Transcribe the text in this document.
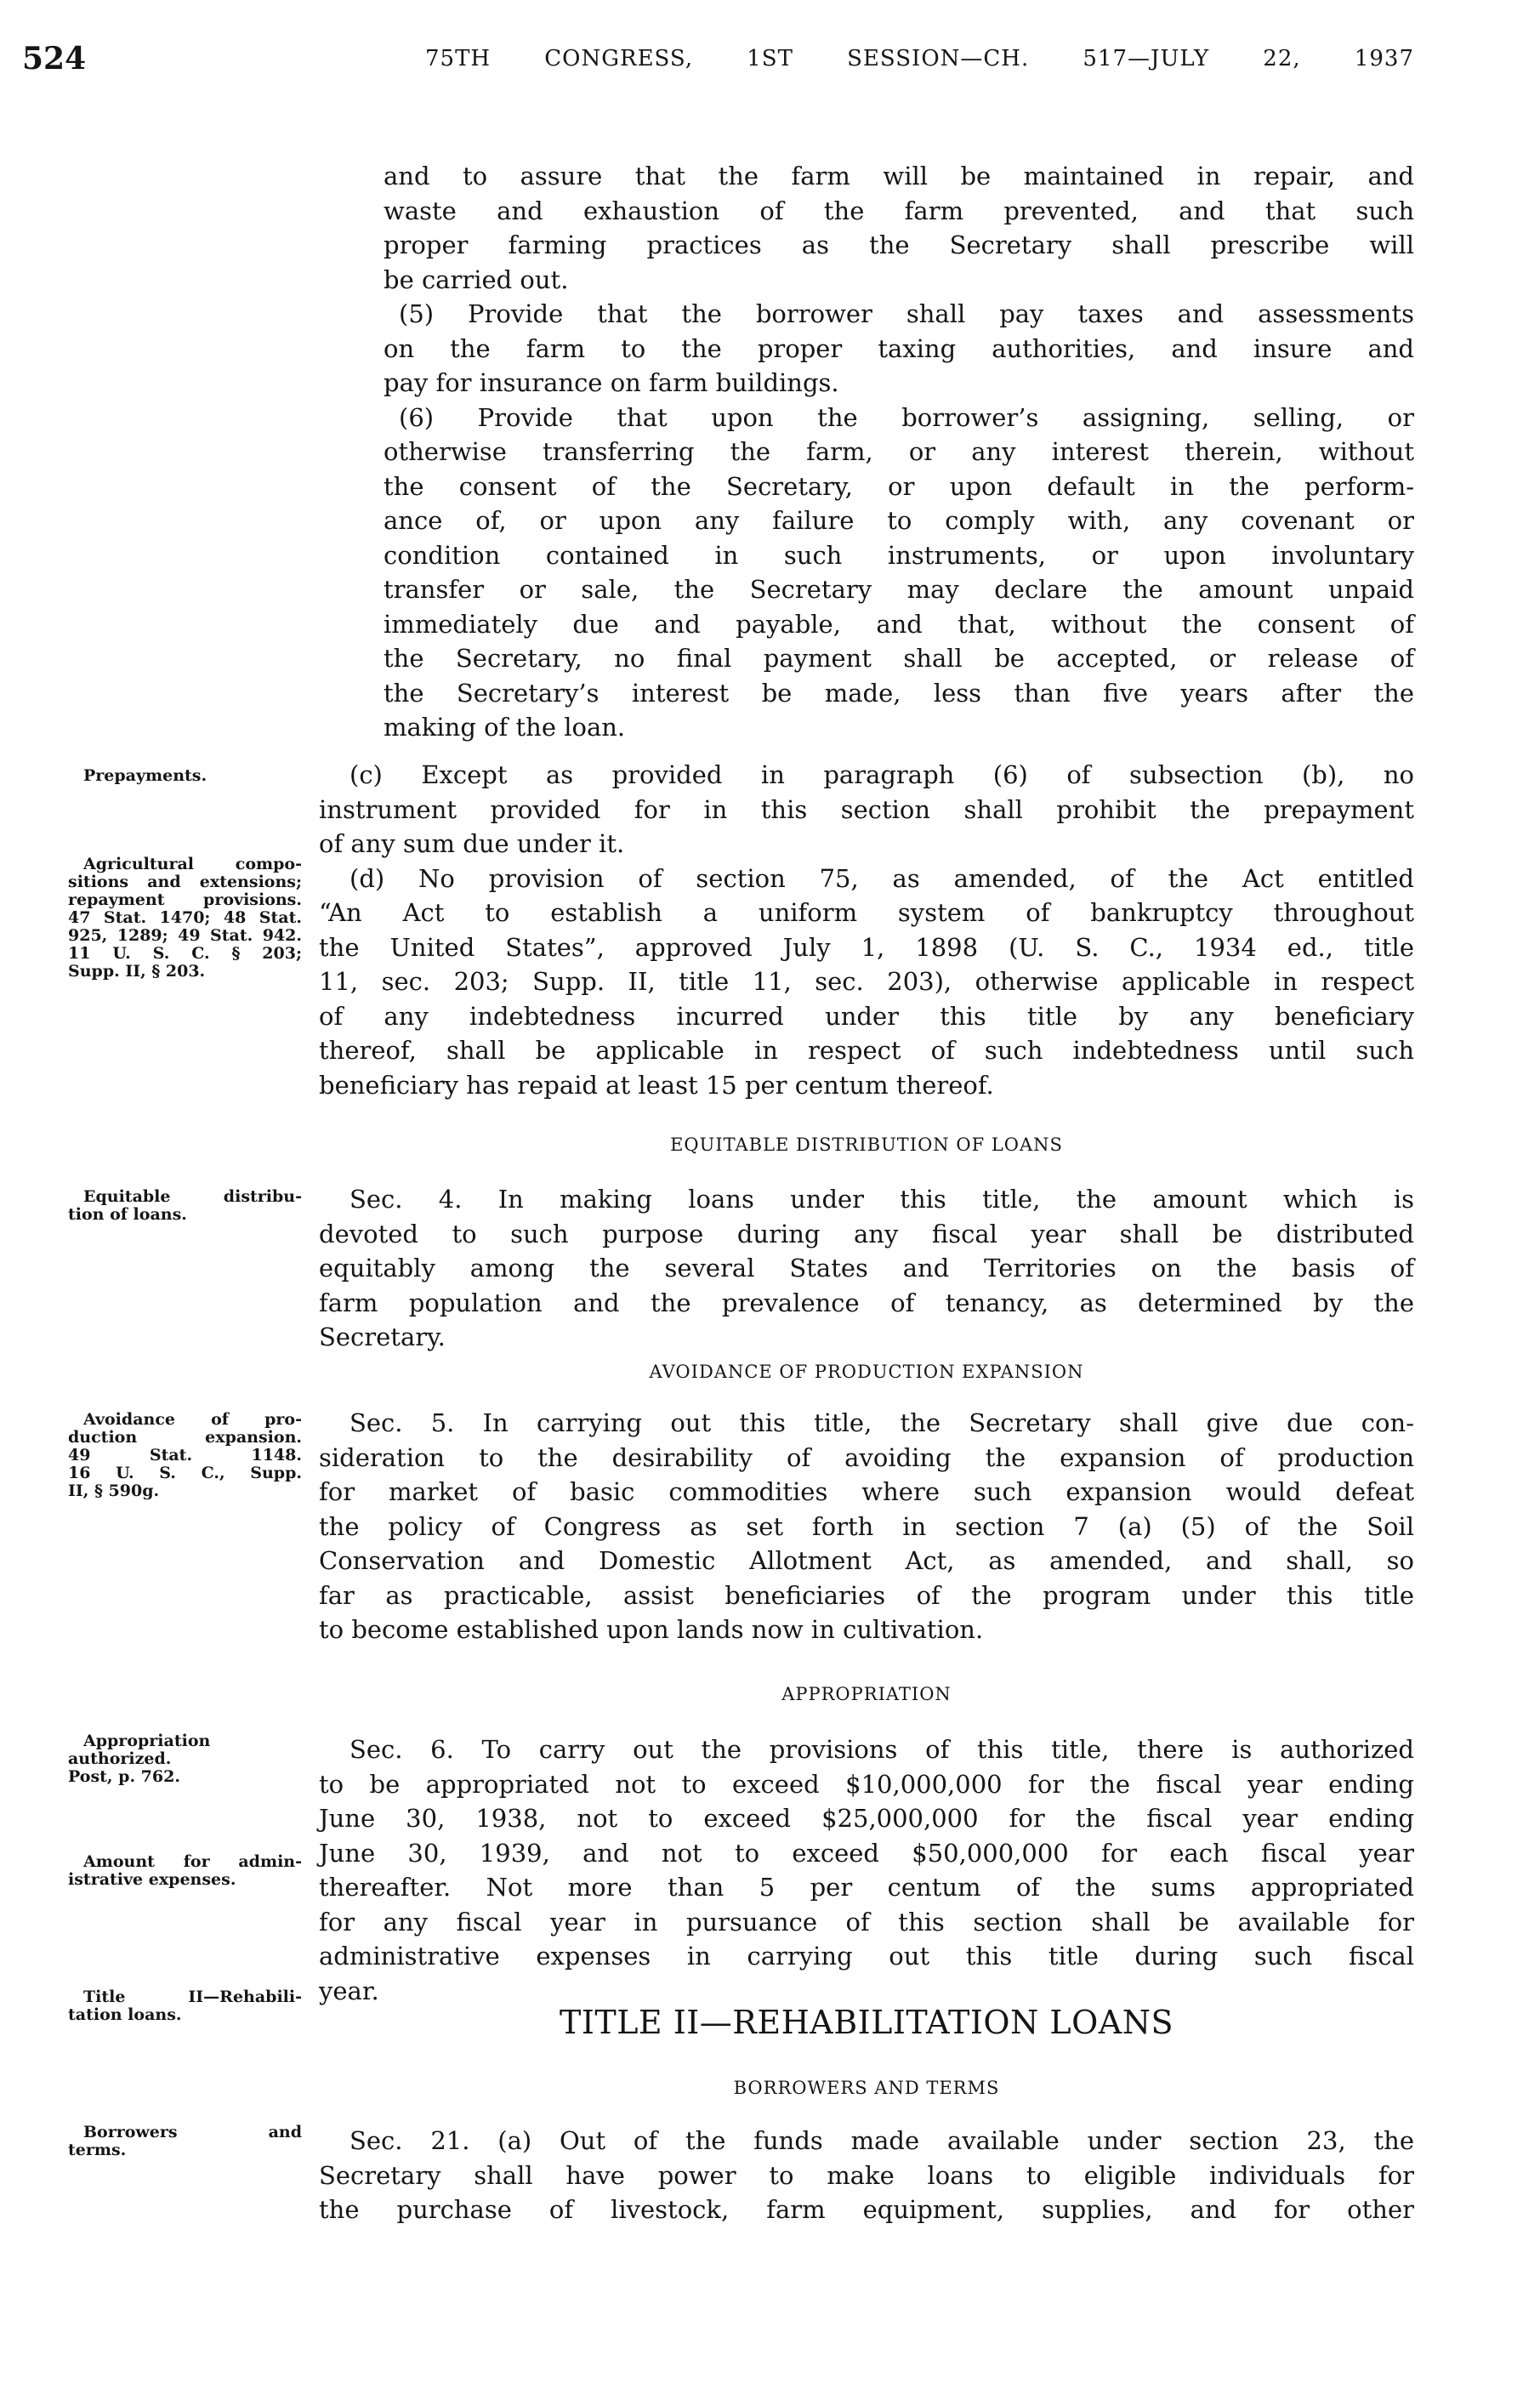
524	75TH CONGRESS, 1ST SESSION—CH. 517—JULY 22, 1937
and to assure that the farm will be maintained in repair, and
waste and exhaustion of the farm prevented, and that such
proper farming practices as the Secretary shall prescribe will
be carried out.
(5) Provide that the borrower shall pay taxes and assessments
on the farm to the proper taxing authorities, and insure and
pay for insurance on farm buildings.
(6) Provide that upon the borrower’s assigning, selling, or
otherwise transferring the farm, or any interest therein, without
the consent of the Secretary, or upon default in the perform-
ance of, or upon any failure to comply with, any covenant or
condition contained in such instruments, or upon involuntary
transfer or sale, the Secretary may declare the amount unpaid
immediately due and payable, and that, without the consent of
the Secretary, no final payment shall be accepted, or release of
the Secretary’s interest be made, less than five years after the
making of the loan.
(c) Except as provided in paragraph (6) of subsection (b), no
instrument provided for in this section shall prohibit the prepayment
of any sum due under it.
(d) No provision of section 75, as amended, of the Act entitled
“An Act to establish a uniform system of bankruptcy throughout
the United States”, approved July 1, 1898 (U. S. C., 1934 ed., title
11, sec. 203; Supp. II, title 11, sec. 203), otherwise applicable in respect
of any indebtedness incurred under this title by any beneficiary
thereof, shall be applicable in respect of such indebtedness until such
beneficiary has repaid at least 15 per centum thereof.
EQUITABLE DISTRIBUTION OF LOANS
Sec. 4. In making loans under this title, the amount which is
devoted to such purpose during any fiscal year shall be distributed
equitably among the several States and Territories on the basis of
farm population and the prevalence of tenancy, as determined by the
Secretary.
AVOIDANCE OF PRODUCTION EXPANSION
Sec. 5. In carrying out this title, the Secretary shall give due con-
sideration to the desirability of avoiding the expansion of production
for market of basic commodities where such expansion would defeat
the policy of Congress as set forth in section 7 (a) (5) of the Soil
Conservation and Domestic Allotment Act, as amended, and shall, so
far as practicable, assist beneficiaries of the program under this title
to become established upon lands now in cultivation.
APPROPRIATION
Sec. 6. To carry out the provisions of this title, there is authorized
to be appropriated not to exceed $10,000,000 for the fiscal year ending
June 30, 1938, not to exceed $25,000,000 for the fiscal year ending
June 30, 1939, and not to exceed $50,000,000 for each fiscal year
thereafter. Not more than 5 per centum of the sums appropriated
for any fiscal year in pursuance of this section shall be available for
administrative expenses in carrying out this title during such fiscal
year.
TITLE II—REHABILITATION LOANS
BORROWERS AND TERMS
Sec. 21. (a) Out of the funds made available under section 23, the
Secretary shall have power to make loans to eligible individuals for
the purchase of livestock, farm equipment, supplies, and for other
Prepayments.
Agricultural compo-
sitions and extensions;
repayment provisions.
47 Stat. 1470; 48 Stat.
925, 1289; 49 Stat. 942.
11 U. S. C. § 203;
Supp. II, § 203.
Equitable distribu-
tion of loans.
Avoidance of pro-
duction expansion.
49 Stat. 1148.
16 U. S. C., Supp.
II, § 590g.
Appropriation
authorized.
Post, p. 762.
Amount for admin-
istrative expenses.
Title II—Rehabili-
tation loans.
Borrowers and
terms.
